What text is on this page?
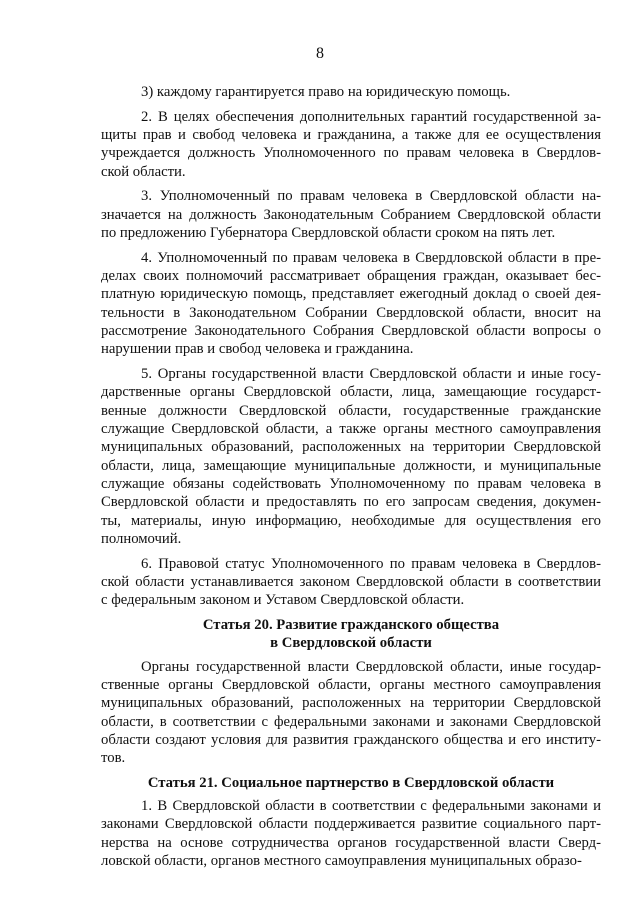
8
3) каждому гарантируется право на юридическую помощь.
2. В целях обеспечения дополнительных гарантий государственной за-
щиты прав и свобод человека и гражданина, а также для ее осуществления
учреждается должность Уполномоченного по правам человека в Свердлов-
ской области.
3. Уполномоченный по правам человека в Свердловской области на-
значается на должность Законодательным Собранием Свердловской области
по предложению Губернатора Свердловской области сроком на пять лет.
4. Уполномоченный по правам человека в Свердловской области в пре-
делах своих полномочий рассматривает обращения граждан, оказывает бес-
платную юридическую помощь, представляет ежегодный доклад о своей дея-
тельности в Законодательном Собрании Свердловской области, вносит на
рассмотрение Законодательного Собрания Свердловской области вопросы о
нарушении прав и свобод человека и гражданина.
5. Органы государственной власти Свердловской области и иные госу-
дарственные органы Свердловской области, лица, замещающие государст-
венные должности Свердловской области, государственные гражданские
служащие Свердловской области, а также органы местного самоуправления
муниципальных образований, расположенных на территории Свердловской
области, лица, замещающие муниципальные должности, и муниципальные
служащие обязаны содействовать Уполномоченному по правам человека в
Свердловской области и предоставлять по его запросам сведения, докумен-
ты, материалы, иную информацию, необходимые для осуществления его
полномочий.
6. Правовой статус Уполномоченного по правам человека в Свердлов-
ской области устанавливается законом Свердловской области в соответствии
с федеральным законом и Уставом Свердловской области.
Статья 20. Развитие гражданского общества
в Свердловской области
Органы государственной власти Свердловской области, иные государ-
ственные органы Свердловской области, органы местного самоуправления
муниципальных образований, расположенных на территории Свердловской
области, в соответствии с федеральными законами и законами Свердловской
области создают условия для развития гражданского общества и его институ-
тов.
Статья 21. Социальное партнерство в Свердловской области
1. В Свердловской области в соответствии с федеральными законами и
законами Свердловской области поддерживается развитие социального парт-
нерства на основе сотрудничества органов государственной власти Сверд-
ловской области, органов местного самоуправления муниципальных образо-
